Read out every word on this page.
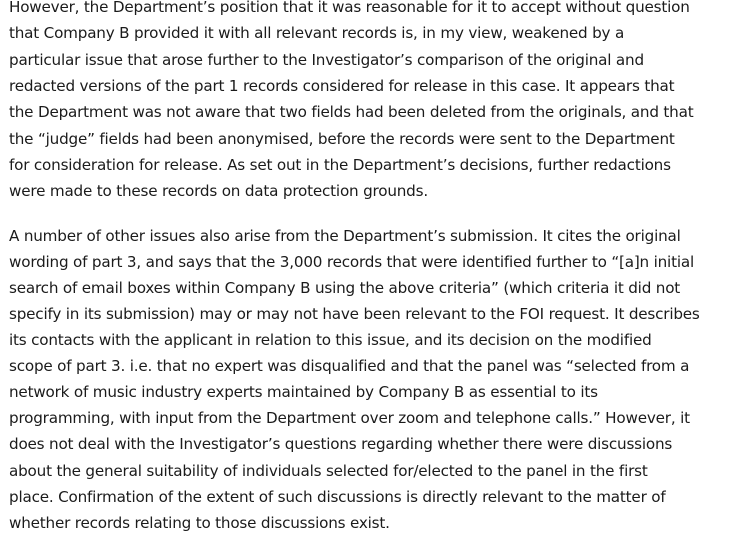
However, the Department’s position that it was reasonable for it to accept without question

that Company B provided it with all relevant records is, in my view, weakened by a

particular issue that arose further to the Investigator’s comparison of the original and

redacted versions of the part 1 records considered for release in this case. It appears that

the Department was not aware that two fields had been deleted from the originals, and that

the “judge” fields had been anonymised, before the records were sent to the Department

for consideration for release. As set out in the Department’s decisions, further redactions

were made to these records on data protection grounds.

A number of other issues also arise from the Department’s submission. It cites the original

wording of part 3, and says that the 3,000 records that were identified further to “[a]n initial

search of email boxes within Company B using the above criteria” (which criteria it did not

specify in its submission) may or may not have been relevant to the FOI request. It describes

its contacts with the applicant in relation to this issue, and its decision on the modified

scope of part 3. i.e. that no expert was disqualified and that the panel was “selected from a

network of music industry experts maintained by Company B as essential to its

programming, with input from the Department over zoom and telephone calls.” However, it

does not deal with the Investigator’s questions regarding whether there were discussions

about the general suitability of individuals selected for/elected to the panel in the first

place. Confirmation of the extent of such discussions is directly relevant to the matter of

whether records relating to those discussions exist.
